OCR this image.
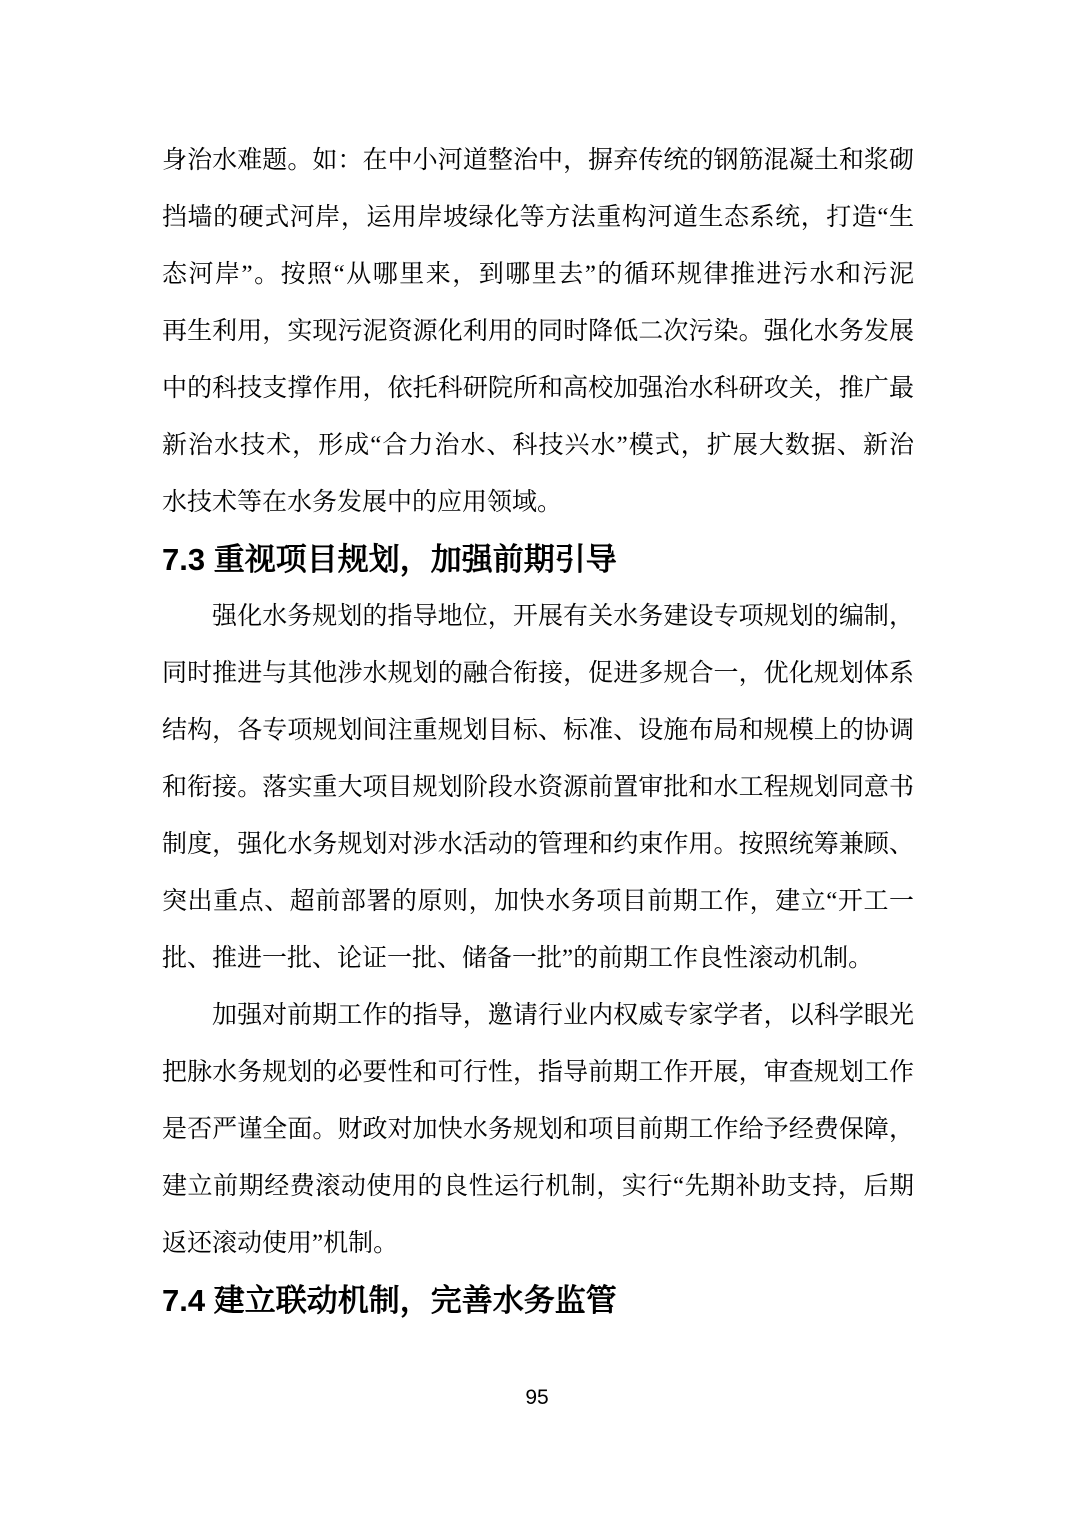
身治水难题。如：在中小河道整治中，摒弃传统的钢筋混凝土和浆砌
挡墙的硬式河岸，运用岸坡绿化等方法重构河道生态系统，打造“生
态河岸”。按照“从哪里来，到哪里去”的循环规律推进污水和污泥
再生利用，实现污泥资源化利用的同时降低二次污染。强化水务发展
中的科技支撑作用，依托科研院所和高校加强治水科研攻关，推广最
新治水技术，形成“合力治水、科技兴水”模式，扩展大数据、新治
水技术等在水务发展中的应用领域。
7.3 重视项目规划，加强前期引导
强化水务规划的指导地位，开展有关水务建设专项规划的编制，
同时推进与其他涉水规划的融合衔接，促进多规合一，优化规划体系
结构，各专项规划间注重规划目标、标准、设施布局和规模上的协调
和衔接。落实重大项目规划阶段水资源前置审批和水工程规划同意书
制度，强化水务规划对涉水活动的管理和约束作用。按照统筹兼顾、
突出重点、超前部署的原则，加快水务项目前期工作，建立“开工一
批、推进一批、论证一批、储备一批”的前期工作良性滚动机制。
加强对前期工作的指导，邀请行业内权威专家学者，以科学眼光
把脉水务规划的必要性和可行性，指导前期工作开展，审查规划工作
是否严谨全面。财政对加快水务规划和项目前期工作给予经费保障，
建立前期经费滚动使用的良性运行机制，实行“先期补助支持，后期
返还滚动使用”机制。
7.4 建立联动机制，完善水务监管
95
